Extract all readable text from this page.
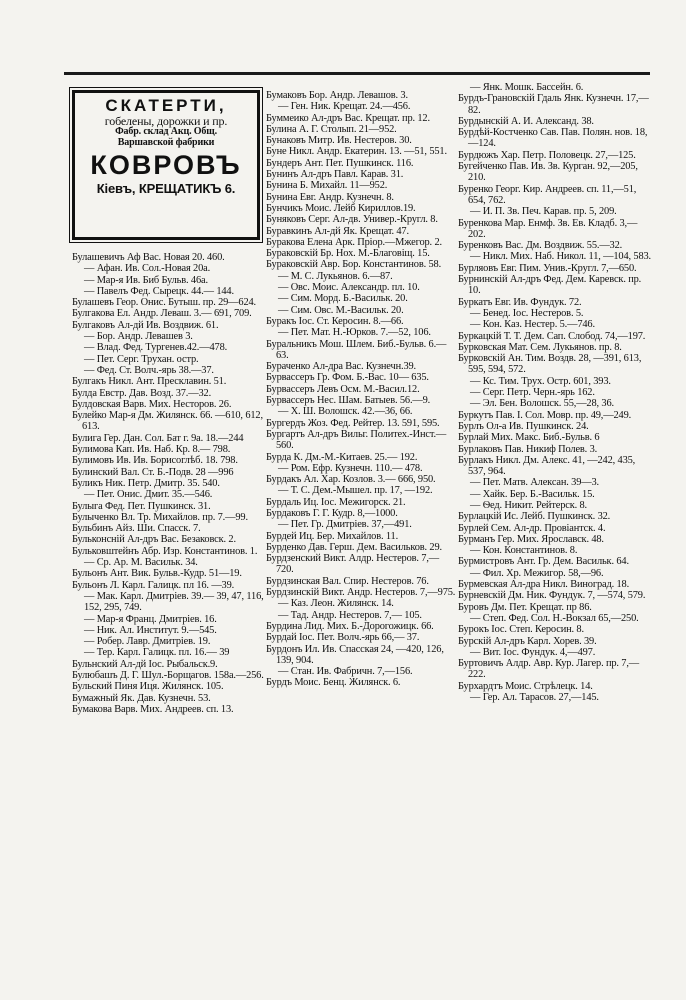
СКАТЕРТИ,
гобелены, дорожки и пр.
Фабр. склад Акц. Общ.
Варшавской фабрики
КОВРОВЪ
Кіевъ, КРЕЩАТИКЪ 6.

Булашевичъ Аф Вас. Новая 20. 460.

— Афан. Ив. Сол.-Новая 20а.

— Мар-я Ив. Биб Бульв. 46а.

— Павелъ Фед. Сырецк. 44.— 144.

Булашевъ Геор. Онис. Бутыш. пр. 29—624.

Булгакова Ел. Андр. Леваш. 3.— 691, 709.

Булгаковъ Ал-дй Ив. Воздвиж. 61.

— Бор. Андр. Левашев 3.

— Влад. Фед. Тургенев.42.—478.

— Пет. Серг. Трухан. остр.

— Фед. Ст. Волч.-ярь 38.—37.

Булгакъ Никл. Ант. Пресклавин. 51.

Булда Евстр. Дав. Возд. 37.—32.

Булдовская Варв. Мих. Несторов. 26.

Булейко Мар-я Дм. Жилянск. 66. —610, 612, 613.

Булига Гер. Дан. Сол. Бат г. 9а. 18.—244

Булимова Кап. Ив. Наб. Кр. 8.— 798.

Булимовъ Ив. Ив. Борисоглѣб. 18. 798.

Булинский Вал. Ст. Б.-Подв. 28 —996

Буликъ Ник. Петр. Дмитр. 35. 540.

— Пет. Онис. Дмит. 35.—546.

Булыга Фед. Пет. Пушкинск. 31.

Булыченко Вл. Тр. Михайлов. пр. 7.—99.

Бульбинъ Айз. Ши. Спасск. 7.

Бульконсній Ал-дръ Вас. Безаковск. 2.

Бульковштейнъ Абр. Изр. Константинов. 1.

— Ср. Ар. М. Васильк. 34.

Бульонъ Ант. Вик. Бульв.-Кудр. 51—19.

Бульонъ Л. Карл. Галицк. пл 16. —39.

— Мак. Карл. Дмитріев. 39.— 39, 47, 116, 152, 295, 749.

— Мар-я Франц. Дмитріев. 16.

— Ник. Ал. Институт. 9.—545.

— Робер. Лавр. Дмитріев. 19.

— Тер. Карл. Галицк. пл. 16.— 39

Бульнский Ал-дй Іос. Рыбальск.9.

Булюбашъ Д. Г. Шул.-Борщагов. 158а.—256.

Бульский Пиня Иця. Жилянск. 105.

Бумажный Як. Дав. Кузнечн. 53.

Бумакова Варв. Мих. Андреев. сп. 13.

Бумаковъ Бор. Андр. Левашов. 3.

— Ген. Ник. Крещат. 24.—456.

Буммеико Ал-дръ Вас. Крещат. пр. 12.

Булина А. Г. Столып. 21—952.

Бунаковъ Митр. Ив. Нестеров. 30.

Буне Никл. Андр. Екатерин. 13. —51, 551.

Бундеръ Ант. Пет. Пушкинск. 116.

Бунинъ Ал-дръ Павл. Карав. 31.

Бунина Б. Михайл. 11—952.

Бунина Евг. Андр. Кузнечн. 8.

Бунчикъ Моис. Лейб Кириллов.19.

Буняковъ Серг. Ал-дв. Универ.-Кругл. 8.

Буравкинъ Ал-дй Як. Крещат. 47.

Буракова Елена Арк. Пріор.—Мжегор. 2.

Бураковскій Бр. Нох. М.-Благовіщ. 15.

Бураковскій Авр. Бор. Константинов. 58.

— М. С. Лукьянов. 6.—87.

— Овс. Моис. Александр. пл. 10.

— Сим. Морд. Б.-Васильк. 20.

— Сим. Овс. М.-Васильк. 20.

Буракъ Іос. Ст. Керосин. 8.—66.

— Пет. Мат. Н.-Юрков. 7.—52, 106.

Буральникъ Мош. Шлем. Биб.-Бульв. 6.—63.

Бураченко Ал-дра Вас. Кузнечн.39.

Бурвассеръ Гр. Фом. Б.-Вас. 10— 635.

Бурвассеръ Левъ Осм. М.-Васил.12.

Бурвассеръ Нес. Шам. Батыев. 56.—9.

— Х. Ш. Волошск. 42.—36, 66.

Бургердъ Жоз. Фед. Рейтер. 13. 591, 595.

Бургартъ Ал-дръ Вильг. Политех.-Инст.—560.

Бурда К. Дм.-М.-Китаев. 25.— 192.

— Ром. Ефр. Кузнечн. 110.— 478.

Бурдакъ Ал. Хар. Козлов. 3.— 666, 950.

— Т. С. Дем.-Мышел. пр. 17, —192.

Бурдаль Иц. Іос. Межигорск. 21.

Бурдаковъ Г. Г. Кудр. 8,—1000.

— Пет. Гр. Дмитріев. 37,—491.

Бурдей Иц. Бер. Михайлов. 11.

Бурденко Дав. Герш. Дем. Васильков. 29.

Бурдзенский Викт. Алдр. Нестеров. 7,—720.

Бурдзинская Вал. Спир. Нестеров. 76.

Бурдзинскій Викт. Андр. Нестеров. 7,—975.

— Каз. Леон. Жилянск. 14.

— Тад. Андр. Нестеров. 7,— 105.

Бурдина Лид. Мих. Б.-Дорогожицк. 66.

Бурдай Іос. Пет. Волч.-ярь 66,— 37.

Бурдонъ Ил. Ив. Спасская 24, —420, 126, 139, 904.

— Стан. Ив. Фабричн. 7,—156.

Бурдъ Моис. Бенц. Жилянск. 6.

— Янк. Мошк. Бассейн. 6.

Бурдъ-Грановскій Гдаль Янк. Кузнечн. 17,—82.

Бурдынскій А. И. Александ. 38.

Бурдѣй-Костченко Сав. Пав. Полян. нов. 18,—124.

Бурдюжъ Хар. Петр. Половецк. 27,—125.

Бугейченко Пав. Ив. Зв. Курган. 92,—205, 210.

Буренко Георг. Кир. Андреев. сп. 11,—51, 654, 762.

— И. П. Зв. Печ. Карав. пр. 5, 209.

Буренкова Мар. Енмф. Зв. Ев. Кладб. 3,—202.

Буренковъ Вас. Дм. Воздвиж. 55.—32.

— Никл. Мих. Наб. Никол. 11, —104, 583.

Бурляовъ Евг. Пим. Унив.-Кругл. 7,—650.

Бурнинскій Ал-дръ Фед. Дем. Каревск. пр. 10.

Буркатъ Евг. Ив. Фундук. 72.

— Бенед. Іос. Нестеров. 5.

— Кон. Каз. Нестер. 5.—746.

Буркацкій Т. Т. Дем. Сап. Слобод. 74,—197.

Бурковская Мат. Сем. Лукьянов. пр. 8.

Бурковскій Ан. Тим. Воздв. 28, —391, 613, 595, 594, 572.

— Кс. Тим. Трух. Остр. 601, 393.

— Серг. Петр. Черн.-ярь 162.

— Эл. Бен. Волошск. 55,—28, 36.

Буркутъ Пав. І. Сол. Мовр. пр. 49,—249.

Бурлъ Ол-а Ив. Пушкинск. 24.

Бурлай Мих. Макс. Биб.-Бульв. 6

Бурлаковъ Пав. Никиф Полев. 3.

Бурлакъ Никл. Дм. Алекс. 41, —242, 435, 537, 964.

— Пет. Матв. Алексан. 39—3.

— Хайк. Бер. Б.-Васильк. 15.

— Ѳед. Никит. Рейтерск. 8.

Бурлацкій Ис. Лейб. Пушкинск. 32.

Бурлей Сем. Ал-др. Провіантск. 4.

Бурманъ Гер. Мих. Ярославск. 48.

— Кон. Константинов. 8.

Бурмистровъ Ант. Гр. Дем. Васильк. 64.

— Фил. Хр. Межигор. 58,—96.

Бурмевская Ал-дра Никл. Виноград. 18.

Бурневскій Дм. Ник. Фундук. 7, —574, 579.

Буровъ Дм. Пет. Крещат. пр 86.

— Степ. Фед. Сол. Н.-Вокзал 65,—250.

Бурокъ Іос. Степ. Керосин. 8.

Бурскій Ал-дръ Карл. Хорев. 39.

— Вит. Іос. Фундук. 4,—497.

Буртовичъ Алдр. Авр. Кур. Лагер. пр. 7,—222.

Бурхардтъ Моис. Стрѣлецк. 14.

— Гер. Ал. Тарасов. 27,—145.
